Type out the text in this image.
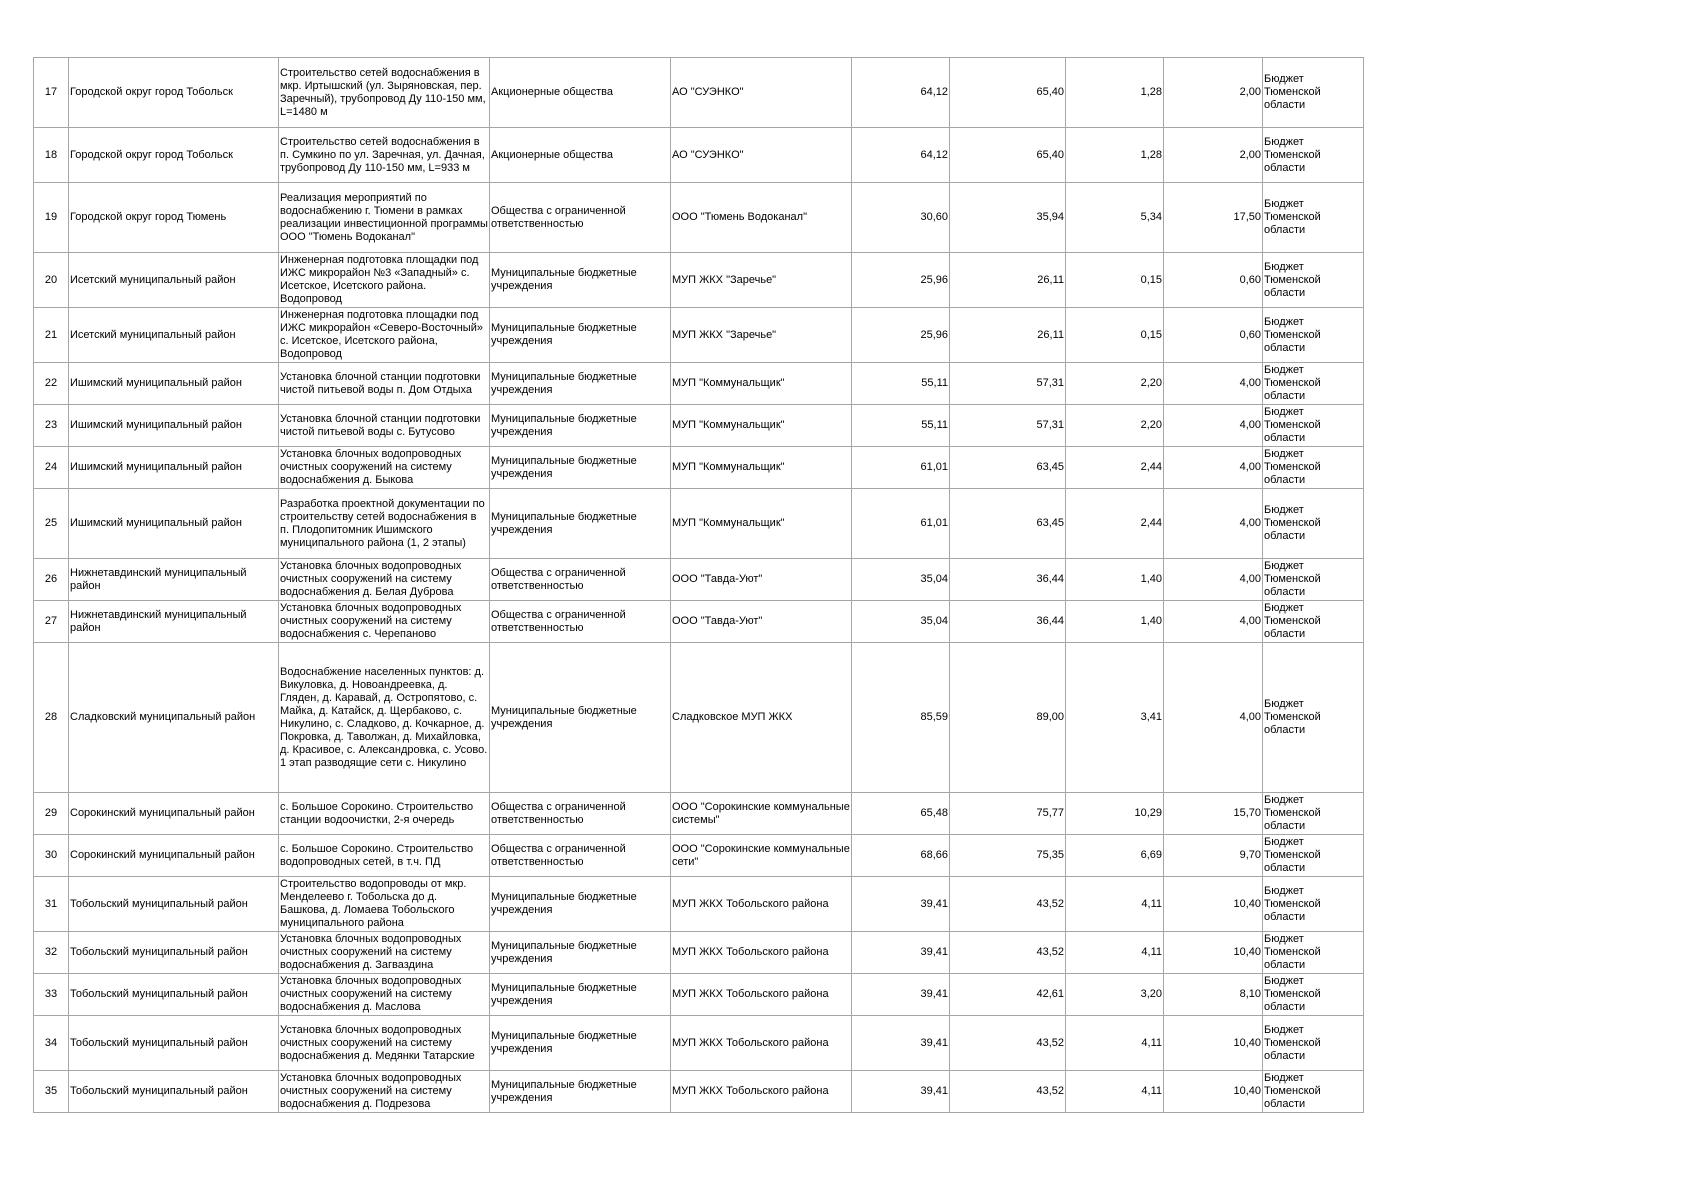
17	Городской округ город Тобольск	Строительство сетей водоснабжения в мкр. Иртышский (ул. Зыряновская, пер. Заречный), трубопровод Ду 110-150 мм, L=1480 м	Акционерные общества	АО "СУЭНКО"	64,12	65,40	1,28	2,00	Бюджет Тюменской области
18	Городской округ город Тобольск	Строительство сетей водоснабжения в п. Сумкино по ул. Заречная, ул. Дачная, трубопровод Ду 110-150 мм, L=933 м	Акционерные общества	АО "СУЭНКО"	64,12	65,40	1,28	2,00	Бюджет Тюменской области
19	Городской округ город Тюмень	Реализация мероприятий по водоснабжению г. Тюмени в рамках реализации инвестиционной программы ООО "Тюмень Водоканал"	Общества с ограниченной ответственностью	ООО "Тюмень Водоканал"	30,60	35,94	5,34	17,50	Бюджет Тюменской области
20	Исетский муниципальный район	Инженерная подготовка площадки под ИЖС микрорайон №3 «Западный» с. Исетское, Исетского района. Водопровод	Муниципальные бюджетные учреждения	МУП ЖКХ "Заречье"	25,96	26,11	0,15	0,60	Бюджет Тюменской области
21	Исетский муниципальный район	Инженерная подготовка площадки под ИЖС микрорайон «Северо-Восточный» с. Исетское, Исетского района, Водопровод	Муниципальные бюджетные учреждения	МУП ЖКХ "Заречье"	25,96	26,11	0,15	0,60	Бюджет Тюменской области
22	Ишимский муниципальный район	Установка блочной станции подготовки чистой питьевой воды п. Дом Отдыха	Муниципальные бюджетные учреждения	МУП "Коммунальщик"	55,11	57,31	2,20	4,00	Бюджет Тюменской области
23	Ишимский муниципальный район	Установка блочной станции подготовки чистой питьевой воды с. Бутусово	Муниципальные бюджетные учреждения	МУП "Коммунальщик"	55,11	57,31	2,20	4,00	Бюджет Тюменской области
24	Ишимский муниципальный район	Установка блочных водопроводных очистных сооружений на систему водоснабжения д. Быкова	Муниципальные бюджетные учреждения	МУП "Коммунальщик"	61,01	63,45	2,44	4,00	Бюджет Тюменской области
25	Ишимский муниципальный район	Разработка проектной документации по строительству сетей водоснабжения в п. Плодопитомник Ишимского муниципального района (1, 2 этапы)	Муниципальные бюджетные учреждения	МУП "Коммунальщик"	61,01	63,45	2,44	4,00	Бюджет Тюменской области
26	Нижнетавдинский муниципальный район	Установка блочных водопроводных очистных сооружений на систему водоснабжения д. Белая Дуброва	Общества с ограниченной ответственностью	ООО "Тавда-Уют"	35,04	36,44	1,40	4,00	Бюджет Тюменской области
27	Нижнетавдинский муниципальный район	Установка блочных водопроводных очистных сооружений на систему водоснабжения с. Черепаново	Общества с ограниченной ответственностью	ООО "Тавда-Уют"	35,04	36,44	1,40	4,00	Бюджет Тюменской области
28	Сладковский муниципальный район	Водоснабжение населенных пунктов: д. Викуловка, д. Новоандреевка, д. Гляден, д. Каравай, д. Остропятово, с. Майка, д. Катайск, д. Щербаково, с. Никулино, с. Сладково, д. Кочкарное, д. Покровка, д. Таволжан, д. Михайловка, д. Красивое, с. Александровка, с. Усово. 1 этап разводящие сети с. Никулино	Муниципальные бюджетные учреждения	Сладковское МУП ЖКХ	85,59	89,00	3,41	4,00	Бюджет Тюменской области
29	Сорокинский муниципальный район	с. Большое Сорокино. Строительство станции водоочистки, 2-я очередь	Общества с ограниченной ответственностью	ООО "Сорокинские коммунальные системы"	65,48	75,77	10,29	15,70	Бюджет Тюменской области
30	Сорокинский муниципальный район	с. Большое Сорокино. Строительство водопроводных сетей, в т.ч. ПД	Общества с ограниченной ответственностью	ООО "Сорокинские коммунальные сети"	68,66	75,35	6,69	9,70	Бюджет Тюменской области
31	Тобольский муниципальный район	Строительство водопроводы от мкр. Менделеево г. Тобольска до д. Башкова, д. Ломаева Тобольского муниципального района	Муниципальные бюджетные учреждения	МУП ЖКХ Тобольского района	39,41	43,52	4,11	10,40	Бюджет Тюменской области
32	Тобольский муниципальный район	Установка блочных водопроводных очистных сооружений на систему водоснабжения д. Загваздина	Муниципальные бюджетные учреждения	МУП ЖКХ Тобольского района	39,41	43,52	4,11	10,40	Бюджет Тюменской области
33	Тобольский муниципальный район	Установка блочных водопроводных очистных сооружений на систему водоснабжения д. Маслова	Муниципальные бюджетные учреждения	МУП ЖКХ Тобольского района	39,41	42,61	3,20	8,10	Бюджет Тюменской области
34	Тобольский муниципальный район	Установка блочных водопроводных очистных сооружений на систему водоснабжения д. Медянки Татарские	Муниципальные бюджетные учреждения	МУП ЖКХ Тобольского района	39,41	43,52	4,11	10,40	Бюджет Тюменской области
35	Тобольский муниципальный район	Установка блочных водопроводных очистных сооружений на систему водоснабжения д. Подрезова	Муниципальные бюджетные учреждения	МУП ЖКХ Тобольского района	39,41	43,52	4,11	10,40	Бюджет Тюменской области
